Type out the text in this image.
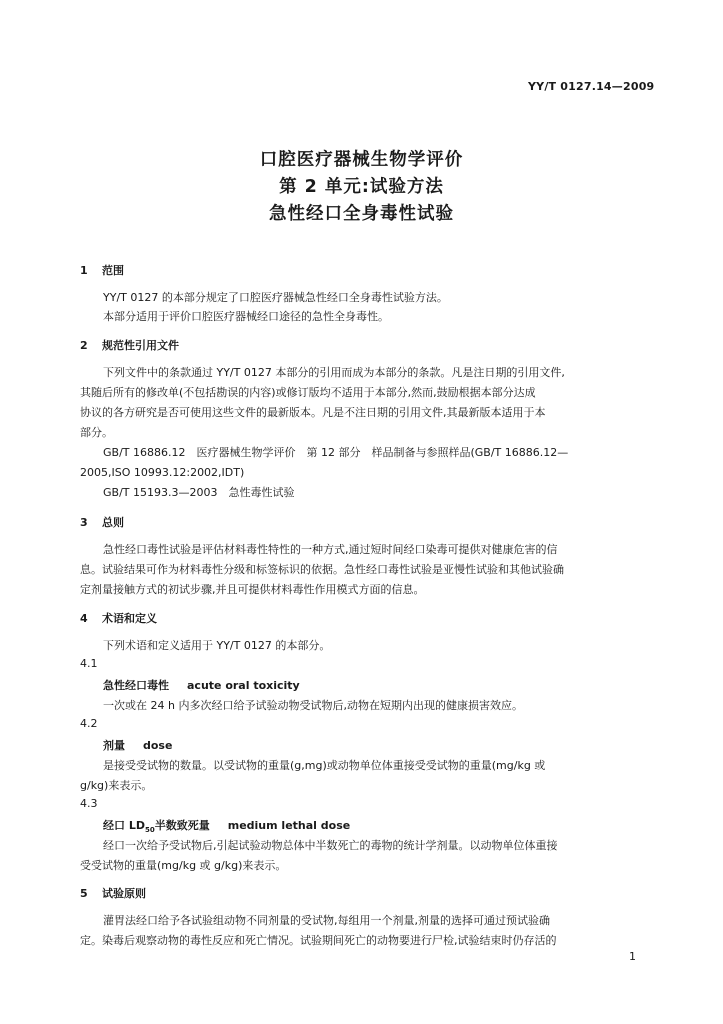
YY/T 0127.14—2009
口腔医疗器械生物学评价
第 2 单元:试验方法
急性经口全身毒性试验
1 范围
YY/T 0127 的本部分规定了口腔医疗器械急性经口全身毒性试验方法。
本部分适用于评价口腔医疗器械经口途径的急性全身毒性。
2 规范性引用文件
下列文件中的条款通过 YY/T 0127 本部分的引用而成为本部分的条款。凡是注日期的引用文件,
其随后所有的修改单(不包括勘误的内容)或修订版均不适用于本部分,然而,鼓励根据本部分达成
协议的各方研究是否可使用这些文件的最新版本。凡是不注日期的引用文件,其最新版本适用于本
部分。
GB/T 16886.12　医疗器械生物学评价　第 12 部分　样品制备与参照样品(GB/T 16886.12—
2005,ISO 10993.12:2002,IDT)
GB/T 15193.3—2003　急性毒性试验
3 总则
急性经口毒性试验是评估材料毒性特性的一种方式,通过短时间经口染毒可提供对健康危害的信
息。试验结果可作为材料毒性分级和标签标识的依据。急性经口毒性试验是亚慢性试验和其他试验确
定剂量接触方式的初试步骤,并且可提供材料毒性作用模式方面的信息。
4 术语和定义
下列术语和定义适用于 YY/T 0127 的本部分。
4.1
急性经口毒性 acute oral toxicity
一次或在 24 h 内多次经口给予试验动物受试物后,动物在短期内出现的健康损害效应。
4.2
剂量 dose
是接受受试物的数量。以受试物的重量(g,mg)或动物单位体重接受受试物的重量(mg/kg 或
g/kg)来表示。
4.3
经口 $LD_{50}$半数致死量 medium lethal dose
经口一次给予受试物后,引起试验动物总体中半数死亡的毒物的统计学剂量。以动物单位体重接
受受试物的重量(mg/kg 或 g/kg)来表示。
5 试验原则
灌胃法经口给予各试验组动物不同剂量的受试物,每组用一个剂量,剂量的选择可通过预试验确
定。染毒后观察动物的毒性反应和死亡情况。试验期间死亡的动物要进行尸检,试验结束时仍存活的
1
